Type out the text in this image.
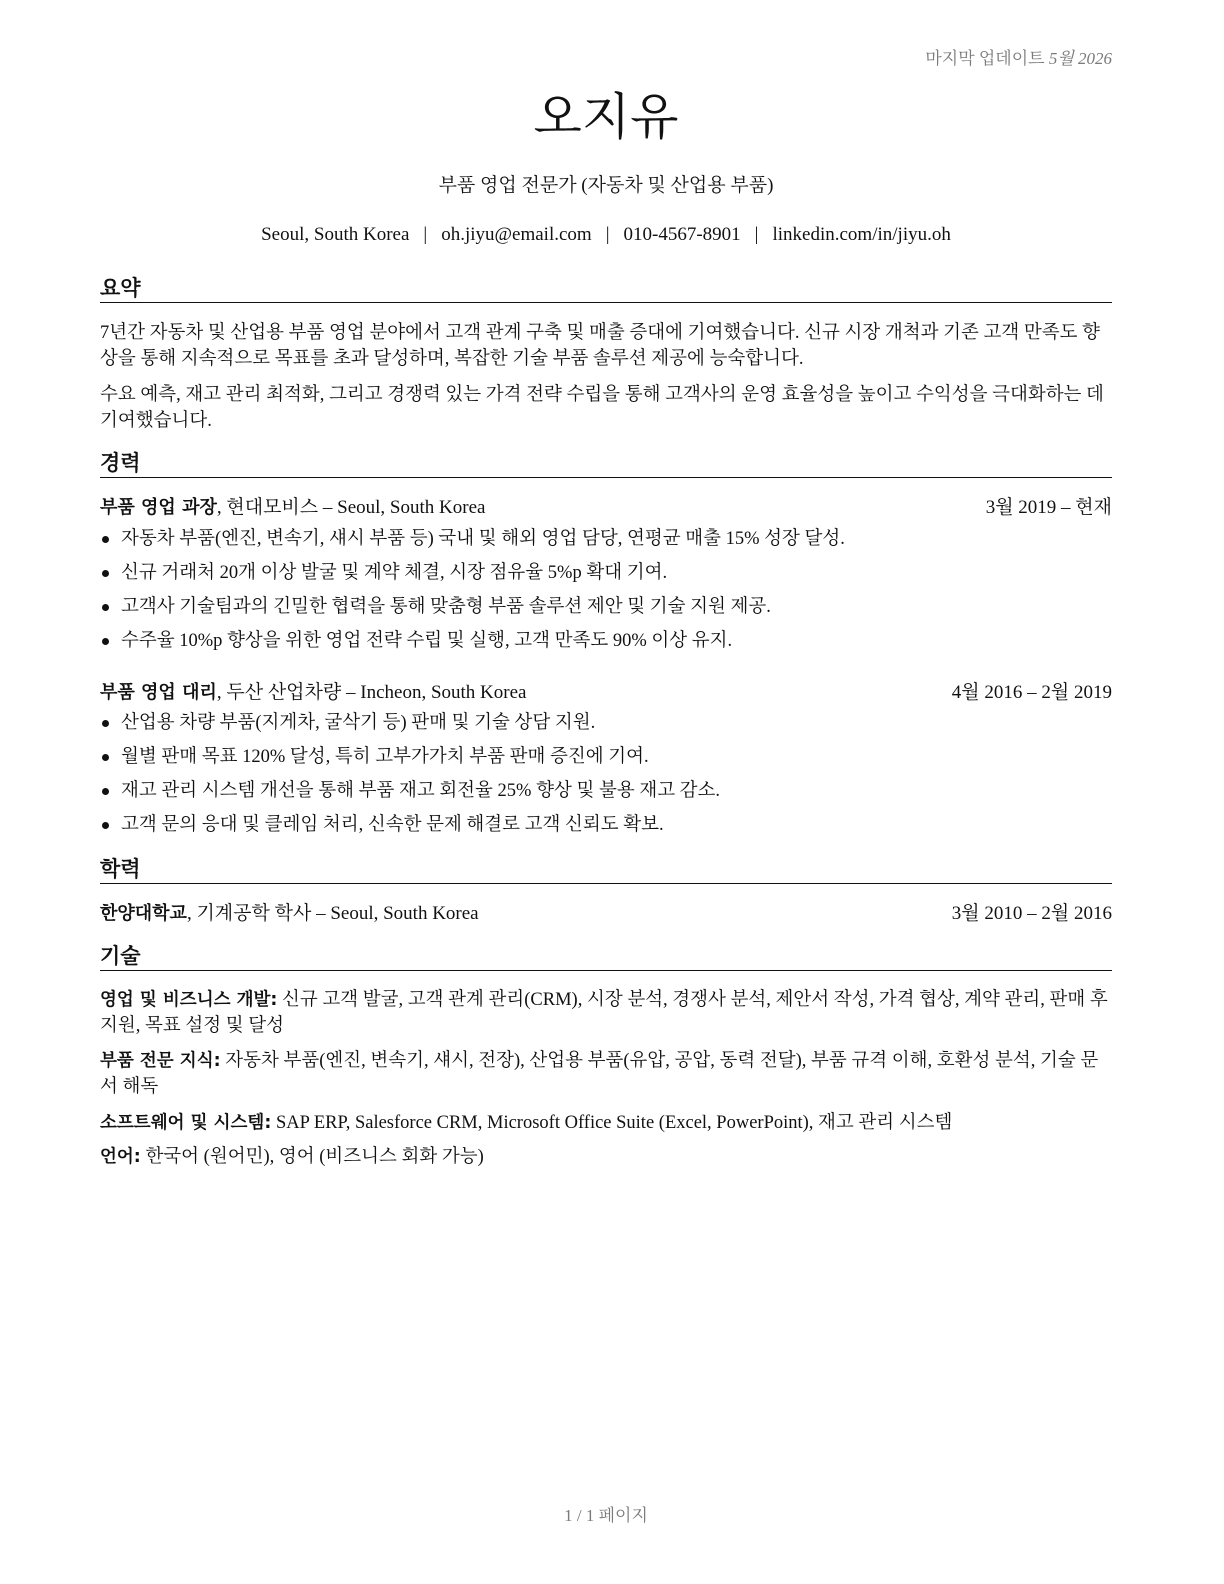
마지막 업데이트 5월 2026
오지유
부품 영업 전문가 (자동차 및 산업용 부품)
Seoul, South Korea | oh.jiyu@email.com | 010-4567-8901 | linkedin.com/in/jiyu.oh
요약
7년간 자동차 및 산업용 부품 영업 분야에서 고객 관계 구축 및 매출 증대에 기여했습니다. 신규 시장 개척과 기존 고객 만족도 향상을 통해 지속적으로 목표를 초과 달성하며, 복잡한 기술 부품 솔루션 제공에 능숙합니다.
수요 예측, 재고 관리 최적화, 그리고 경쟁력 있는 가격 전략 수립을 통해 고객사의 운영 효율성을 높이고 수익성을 극대화하는 데 기여했습니다.
경력
부품 영업 과장, 현대모비스 – Seoul, South Korea	3월 2019 – 현재
자동차 부품(엔진, 변속기, 섀시 부품 등) 국내 및 해외 영업 담당, 연평균 매출 15% 성장 달성.
신규 거래처 20개 이상 발굴 및 계약 체결, 시장 점유율 5%p 확대 기여.
고객사 기술팀과의 긴밀한 협력을 통해 맞춤형 부품 솔루션 제안 및 기술 지원 제공.
수주율 10%p 향상을 위한 영업 전략 수립 및 실행, 고객 만족도 90% 이상 유지.
부품 영업 대리, 두산 산업차량 – Incheon, South Korea	4월 2016 – 2월 2019
산업용 차량 부품(지게차, 굴삭기 등) 판매 및 기술 상담 지원.
월별 판매 목표 120% 달성, 특히 고부가가치 부품 판매 증진에 기여.
재고 관리 시스템 개선을 통해 부품 재고 회전율 25% 향상 및 불용 재고 감소.
고객 문의 응대 및 클레임 처리, 신속한 문제 해결로 고객 신뢰도 확보.
학력
한양대학교, 기계공학 학사 – Seoul, South Korea	3월 2010 – 2월 2016
기술
영업 및 비즈니스 개발: 신규 고객 발굴, 고객 관계 관리(CRM), 시장 분석, 경쟁사 분석, 제안서 작성, 가격 협상, 계약 관리, 판매 후 지원, 목표 설정 및 달성
부품 전문 지식: 자동차 부품(엔진, 변속기, 섀시, 전장), 산업용 부품(유압, 공압, 동력 전달), 부품 규격 이해, 호환성 분석, 기술 문서 해독
소프트웨어 및 시스템: SAP ERP, Salesforce CRM, Microsoft Office Suite (Excel, PowerPoint), 재고 관리 시스템
언어: 한국어 (원어민), 영어 (비즈니스 회화 가능)
1 / 1 페이지
